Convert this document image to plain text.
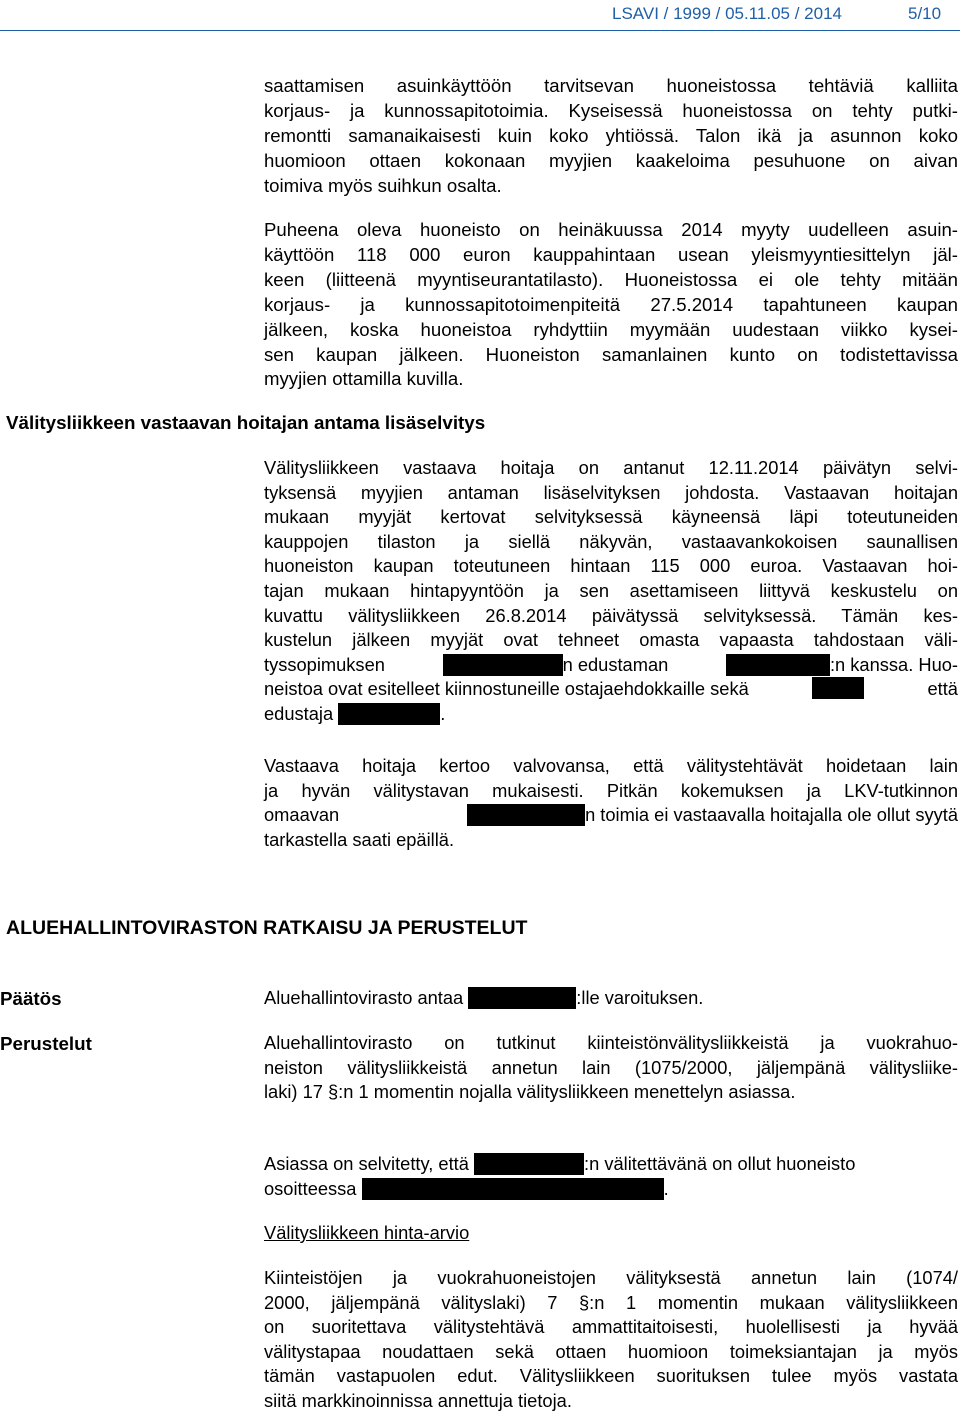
LSAVI / 1999 / 05.11.05 / 2014	5/10
saattamisen asuinkäyttöön tarvitsevan huoneistossa tehtäviä kalliita
korjaus- ja kunnossapitotoimia. Kyseisessä huoneistossa on tehty putki-
remontti samanaikaisesti kuin koko yhtiössä. Talon ikä ja asunnon koko
huomioon ottaen kokonaan myyjien kaakeloima pesuhuone on aivan
toimiva myös suihkun osalta.
Puheena oleva huoneisto on heinäkuussa 2014 myyty uudelleen asuin-
käyttöön 118 000 euron kauppahintaan usean yleismyyntiesittelyn jäl-
keen (liitteenä myyntiseurantatilasto). Huoneistossa ei ole tehty mitään
korjaus- ja kunnossapitotoimenpiteitä 27.5.2014 tapahtuneen kaupan
jälkeen, koska huoneistoa ryhdyttiin myymään uudestaan viikko kysei-
sen kaupan jälkeen. Huoneiston samanlainen kunto on todistettavissa
myyjien ottamilla kuvilla.
Välitysliikkeen vastaavan hoitajan antama lisäselvitys
Välitysliikkeen vastaava hoitaja on antanut 12.11.2014 päivätyn selvi-
tyksensä myyjien antaman lisäselvityksen johdosta. Vastaavan hoitajan
mukaan myyjät kertovat selvityksessä käyneensä läpi toteutuneiden
kauppojen tilaston ja siellä näkyvän, vastaavankokoisen saunallisen
huoneiston kaupan toteutuneen hintaan 115 000 euroa. Vastaavan hoi-
tajan mukaan hintapyyntöön ja sen asettamiseen liittyvä keskustelu on
kuvattu välitysliikkeen 26.8.2014 päivätyssä selvityksessä. Tämän kes-
kustelun jälkeen myyjät ovat tehneet omasta vapaasta tahdostaan väli-
tyssopimuksen	n edustaman	:n kanssa. Huo-
neistoa ovat esitelleet kiinnostuneille ostajaehdokkaille sekä	että
edustaja	.
Vastaava hoitaja kertoo valvovansa, että välitystehtävät hoidetaan lain
ja hyvän välitystavan mukaisesti. Pitkän kokemuksen ja LKV-tutkinnon
omaavan	n toimia ei vastaavalla hoitajalla ole ollut syytä
tarkastella saati epäillä.
ALUEHALLINTOVIRASTON RATKAISU JA PERUSTELUT
Päätös	Aluehallintovirasto antaa	:lle varoituksen.
Perustelut	Aluehallintovirasto on tutkinut kiinteistönvälitysliikkeistä ja vuokrahuo-
neiston välitysliikkeistä annetun lain (1075/2000, jäljempänä välitysliike-
laki) 17 §:n 1 momentin nojalla välitysliikkeen menettelyn asiassa.
Asiassa on selvitetty, että	:n välitettävänä on ollut huoneisto
osoitteessa	.
Välitysliikkeen hinta-arvio
Kiinteistöjen ja vuokrahuoneistojen välityksestä annetun lain (1074/
2000, jäljempänä välityslaki) 7 §:n 1 momentin mukaan välitysliikkeen
on suoritettava välitystehtävä ammattitaitoisesti, huolellisesti ja hyvää
välitystapaa noudattaen sekä ottaen huomioon toimeksiantajan ja myös
tämän vastapuolen edut. Välitysliikkeen suorituksen tulee myös vastata
siitä markkinoinnissa annettuja tietoja.
